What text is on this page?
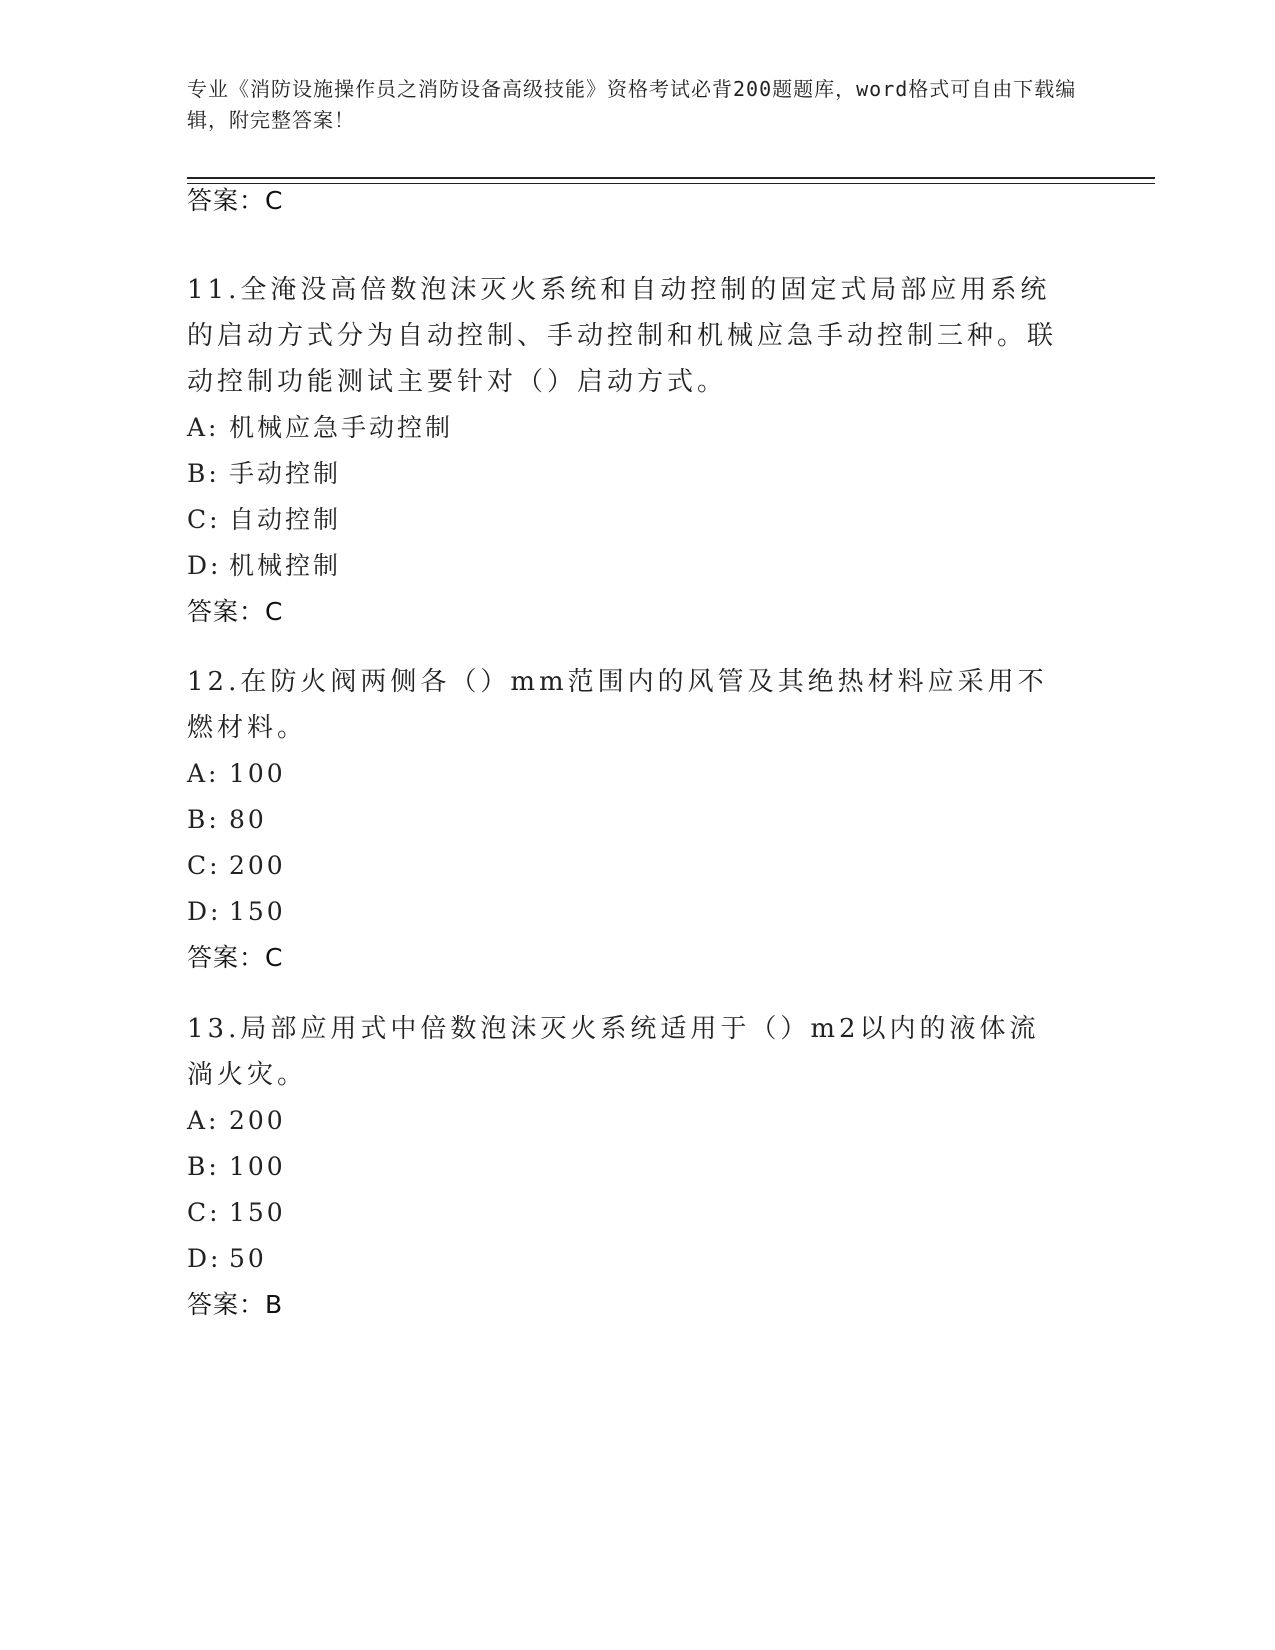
专业《消防设施操作员之消防设备高级技能》资格考试必背200题题库，word格式可自由下载编辑，附完整答案！
答案：C
11.全淹没高倍数泡沫灭火系统和自动控制的固定式局部应用系统的启动方式分为自动控制、手动控制和机械应急手动控制三种。联动控制功能测试主要针对（）启动方式。
A: 机械应急手动控制
B: 手动控制
C: 自动控制
D: 机械控制
答案：C
12.在防火阀两侧各（）mm范围内的风管及其绝热材料应采用不燃材料。
A: 100
B: 80
C: 200
D: 150
答案：C
13.局部应用式中倍数泡沫灭火系统适用于（）m2以内的液体流淌火灾。
A: 200
B: 100
C: 150
D: 50
答案：B
